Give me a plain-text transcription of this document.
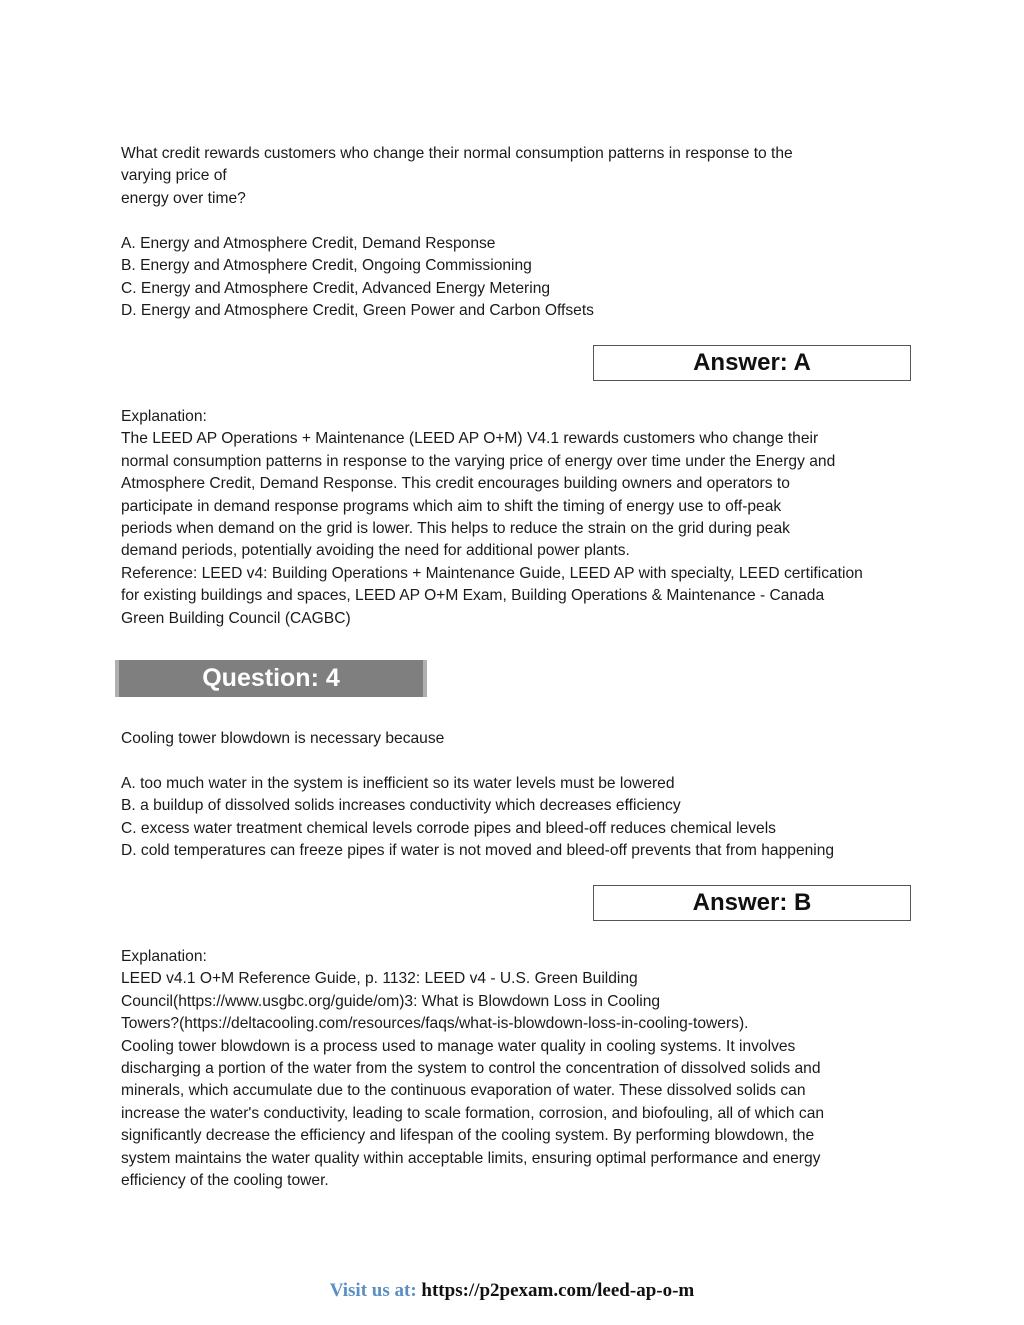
What credit rewards customers who change their normal consumption patterns in response to the
varying price of
energy over time?
A. Energy and Atmosphere Credit, Demand Response
B. Energy and Atmosphere Credit, Ongoing Commissioning
C. Energy and Atmosphere Credit, Advanced Energy Metering
D. Energy and Atmosphere Credit, Green Power and Carbon Offsets
Answer: A
Explanation:
The LEED AP Operations + Maintenance (LEED AP O+M) V4.1 rewards customers who change their
normal consumption patterns in response to the varying price of energy over time under the Energy and
Atmosphere Credit, Demand Response. This credit encourages building owners and operators to
participate in demand response programs which aim to shift the timing of energy use to off-peak
periods when demand on the grid is lower. This helps to reduce the strain on the grid during peak
demand periods, potentially avoiding the need for additional power plants.
Reference: LEED v4: Building Operations + Maintenance Guide, LEED AP with specialty, LEED certification
for existing buildings and spaces, LEED AP O+M Exam, Building Operations & Maintenance - Canada
Green Building Council (CAGBC)
Question: 4
Cooling tower blowdown is necessary because
A. too much water in the system is inefficient so its water levels must be lowered
B. a buildup of dissolved solids increases conductivity which decreases efficiency
C. excess water treatment chemical levels corrode pipes and bleed-off reduces chemical levels
D. cold temperatures can freeze pipes if water is not moved and bleed-off prevents that from happening
Answer: B
Explanation:
LEED v4.1 O+M Reference Guide, p. 1132: LEED v4 - U.S. Green Building
Council(https://www.usgbc.org/guide/om)3: What is Blowdown Loss in Cooling
Towers?(https://deltacooling.com/resources/faqs/what-is-blowdown-loss-in-cooling-towers).
Cooling tower blowdown is a process used to manage water quality in cooling systems. It involves
discharging a portion of the water from the system to control the concentration of dissolved solids and
minerals, which accumulate due to the continuous evaporation of water. These dissolved solids can
increase the water's conductivity, leading to scale formation, corrosion, and biofouling, all of which can
significantly decrease the efficiency and lifespan of the cooling system. By performing blowdown, the
system maintains the water quality within acceptable limits, ensuring optimal performance and energy
efficiency of the cooling tower.
Visit us at: https://p2pexam.com/leed-ap-o-m
